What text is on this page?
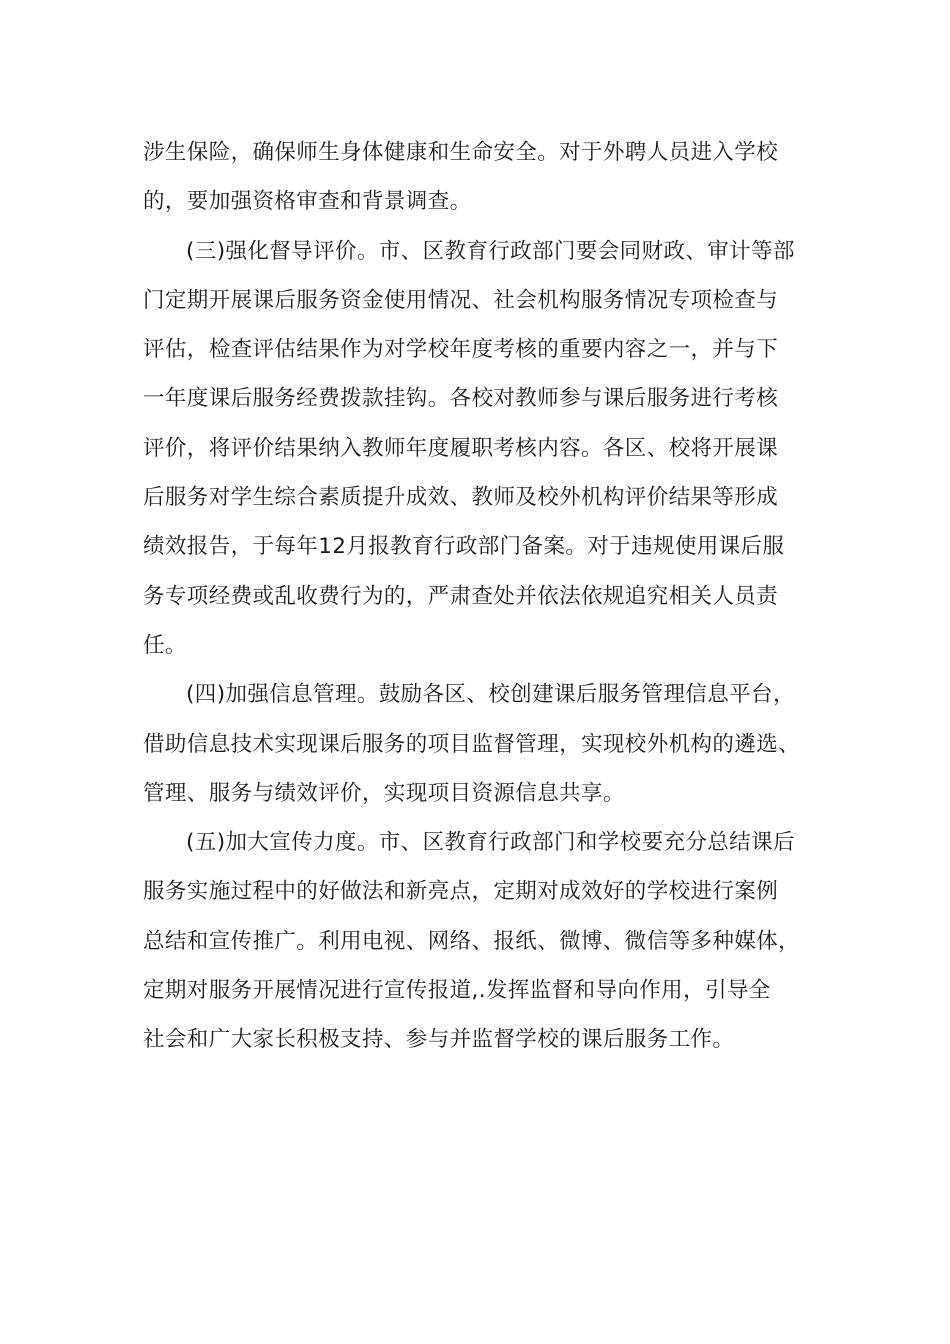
涉生保险，确保师生身体健康和生命安全。对于外聘人员进入学校
的，要加强资格审查和背景调查。
(三)强化督导评价。市、区教育行政部门要会同财政、审计等部
门定期开展课后服务资金使用情况、社会机构服务情况专项检查与
评估，检查评估结果作为对学校年度考核的重要内容之一，并与下
一年度课后服务经费拨款挂钩。各校对教师参与课后服务进行考核
评价，将评价结果纳入教师年度履职考核内容。各区、校将开展课
后服务对学生综合素质提升成效、教师及校外机构评价结果等形成
绩效报告，于每年12月报教育行政部门备案。对于违规使用课后服
务专项经费或乱收费行为的，严肃查处并依法依规追究相关人员责
任。
(四)加强信息管理。鼓励各区、校创建课后服务管理信息平台，
借助信息技术实现课后服务的项目监督管理，实现校外机构的遴选、
管理、服务与绩效评价，实现项目资源信息共享。
(五)加大宣传力度。市、区教育行政部门和学校要充分总结课后
服务实施过程中的好做法和新亮点，定期对成效好的学校进行案例
总结和宣传推广。利用电视、网络、报纸、微博、微信等多种媒体，
定期对服务开展情况进行宣传报道,.发挥监督和导向作用，引导全
社会和广大家长积极支持、参与并监督学校的课后服务工作。
